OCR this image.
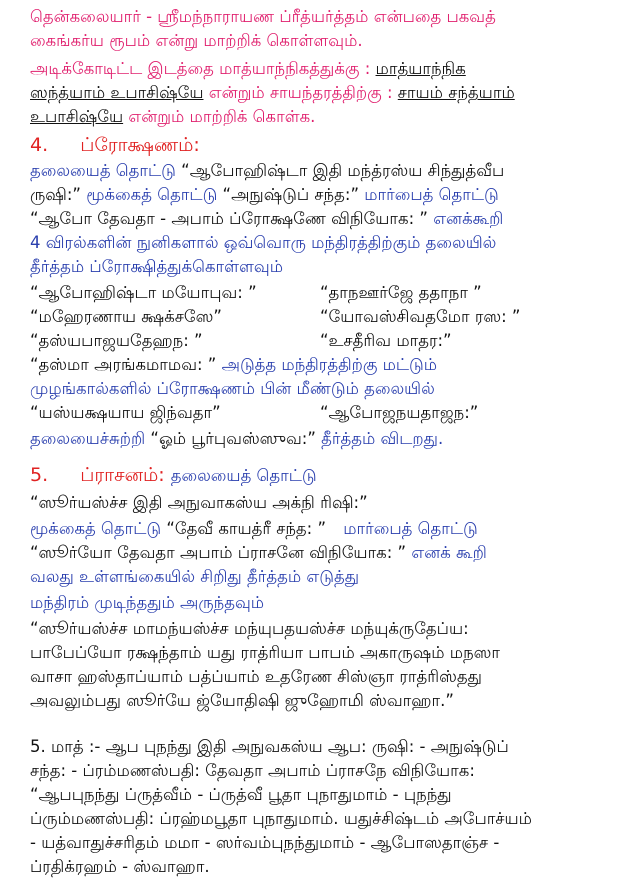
தென்கலையார் - ஸ்ரீமந்நாராயண ப்ரீத்யர்த்தம் என்பதை பகவத்
கைங்கர்ய ரூபம் என்று மாற்றிக் கொள்ளவும்.
அடிக்கோடிட்ட இடத்தை மாத்யாந்நிகத்துக்கு : மாத்யாந்நிக
ஸந்த்யாம் உபாசிஷ்யே என்றும் சாயந்தரத்திற்கு : சாயம் சந்த்யாம்
உபாசிஷ்யே என்றும் மாற்றிக் கொள்க.
4. ப்ரோக்ஷணம்:
தலையைத் தொட்டு “ஆபோஹிஷ்டா இதி மந்த்ரஸ்ய சிந்துத்வீப
ருஷி:” மூக்கைத் தொட்டு “அநுஷ்டுப் சந்த:” மார்பைத் தொட்டு
“ஆபோ தேவதா - அபாம் ப்ரோக்ஷணே விநியோக: ” எனக்கூறி
4 விரல்களின் நுனிகளால் ஒவ்வொரு மந்திரத்திற்கும் தலையில்
தீர்த்தம் ப்ரோக்ஷித்துக்கொள்ளவும்
“ஆபோஹிஷ்டா மயோபுவ: ”	“தாநஊர்ஜே ததாநா ”
“மஹேரணாய க்ஷக்சஸே”	“யோவஸ்சிவதமோ ரஸ: ”
“தஸ்யபாஜயதேஹந: ”	“உசதீரிவ மாதர:”
“தஸ்மா அரங்கமாமவ: ” அடுத்த மந்திரத்திற்கு மட்டும்
முழங்கால்களில் ப்ரோக்ஷணம் பின் மீண்டும் தலையில்
“யஸ்யக்ஷயாய ஜிந்வதா”	“ஆபோஜநயதாஜந:”
தலையைச்சுற்றி “ஓம் பூர்புவஸ்ஸுவ:” தீர்த்தம் விடறது.
5. ப்ராசனம்: தலையைத் தொட்டு
“ஸூர்யஸ்ச்ச இதி அநுவாகஸ்ய அக்நி ரிஷி:”
மூக்கைத் தொட்டு “தேவீ காயத்ரீ சந்த: ” மார்பைத் தொட்டு
“ஸூர்யோ தேவதா அபாம் ப்ராசனே விநியோக: ” எனக் கூறி
வலது உள்ளங்கையில் சிறிது தீர்த்தம் எடுத்து
மந்திரம் முடிந்ததும் அருந்தவும்
“ஸூர்யஸ்ச்ச மாமந்யஸ்ச்ச மந்யுபதயஸ்ச்ச மந்யுக்ருதேப்ய:
பாபேப்யோ ரக்ஷந்தாம் யது ராத்ரியா பாபம் அகாருஷம் மநஸா
வாசா ஹஸ்தாப்யாம் பத்ப்யாம் உதரேண சிஸ்ஞா ராத்ரிஸ்தது
அவலும்பது ஸூர்யே ஜ்யோதிஷி ஜுஹோமி ஸ்வாஹா.”
5. மாத் :- ஆப புநந்து இதி அநுவகஸ்ய ஆப: ருஷி: - அநுஷ்டுப்
சந்த: - ப்ரம்மணஸ்பதி: தேவதா அபாம் ப்ராசநே விநியோக:
“ஆபபுநந்து ப்ருத்வீம் - ப்ருத்வீ பூதா புநாதுமாம் - புநந்து
ப்ரும்மணஸ்பதி: ப்ரஹ்மபூதா புநாதுமாம். யதுச்சிஷ்டம் அபோச்யம்
- யத்வாதுச்சரிதம் மமா - ஸர்வம்புநந்துமாம் - ஆபோஸதாஞ்ச -
ப்ரதிக்ரஹம் - ஸ்வாஹா.
